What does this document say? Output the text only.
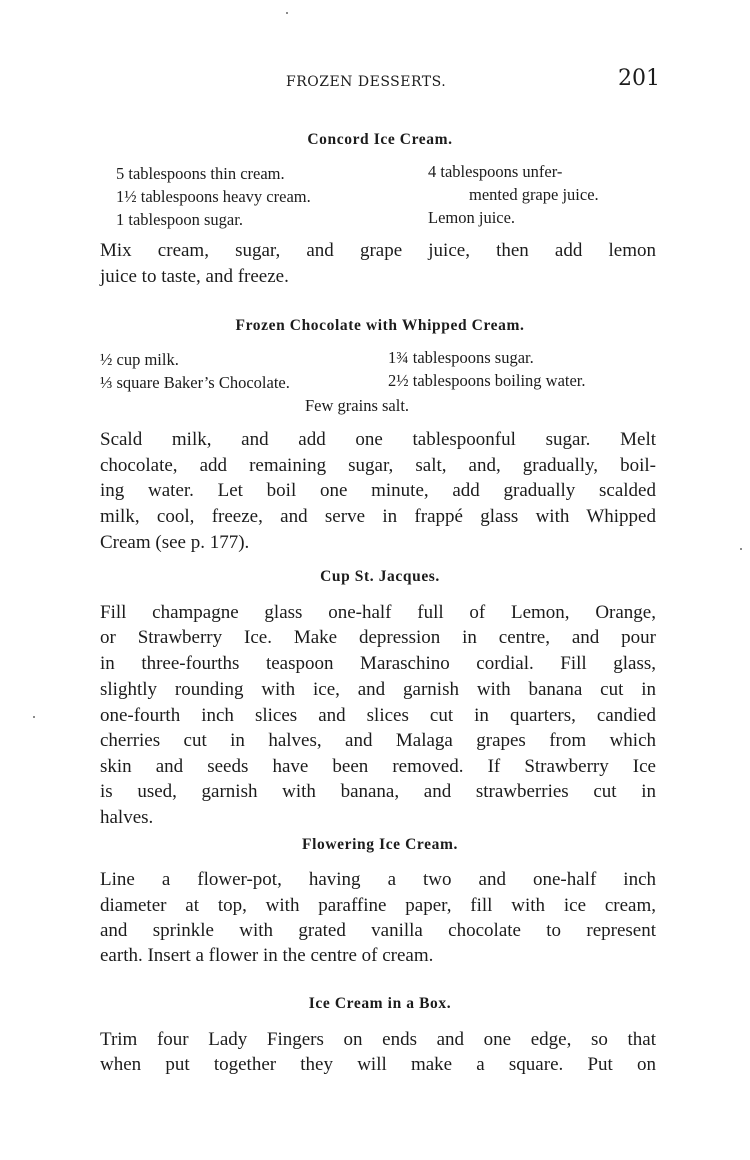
FROZEN DESSERTS.	201
Concord Ice Cream.
5 tablespoons thin cream.
1½ tablespoons heavy cream.
1 tablespoon sugar.
4 tablespoons unfer-
mented grape juice.
Lemon juice.

Mix cream, sugar, and grape juice, then add lemon

juice to taste, and freeze.

Frozen Chocolate with Whipped Cream.
½ cup milk.
⅓ square Baker’s Chocolate.
1¾ tablespoons sugar.
2½ tablespoons boiling water.
Few grains salt.

Scald milk, and add one tablespoonful sugar. Melt

chocolate, add remaining sugar, salt, and, gradually, boil-

ing water. Let boil one minute, add gradually scalded

milk, cool, freeze, and serve in frappé glass with Whipped

Cream (see p. 177).

Cup St. Jacques.

Fill champagne glass one-half full of Lemon, Orange,

or Strawberry Ice. Make depression in centre, and pour

in three-fourths teaspoon Maraschino cordial. Fill glass,

slightly rounding with ice, and garnish with banana cut in

one-fourth inch slices and slices cut in quarters, candied

cherries cut in halves, and Malaga grapes from which

skin and seeds have been removed. If Strawberry Ice

is used, garnish with banana, and strawberries cut in

halves.

Flowering Ice Cream.

Line a flower-pot, having a two and one-half inch

diameter at top, with paraffine paper, fill with ice cream,

and sprinkle with grated vanilla chocolate to represent

earth. Insert a flower in the centre of cream.

Ice Cream in a Box.

Trim four Lady Fingers on ends and one edge, so that

when put together they will make a square. Put on
